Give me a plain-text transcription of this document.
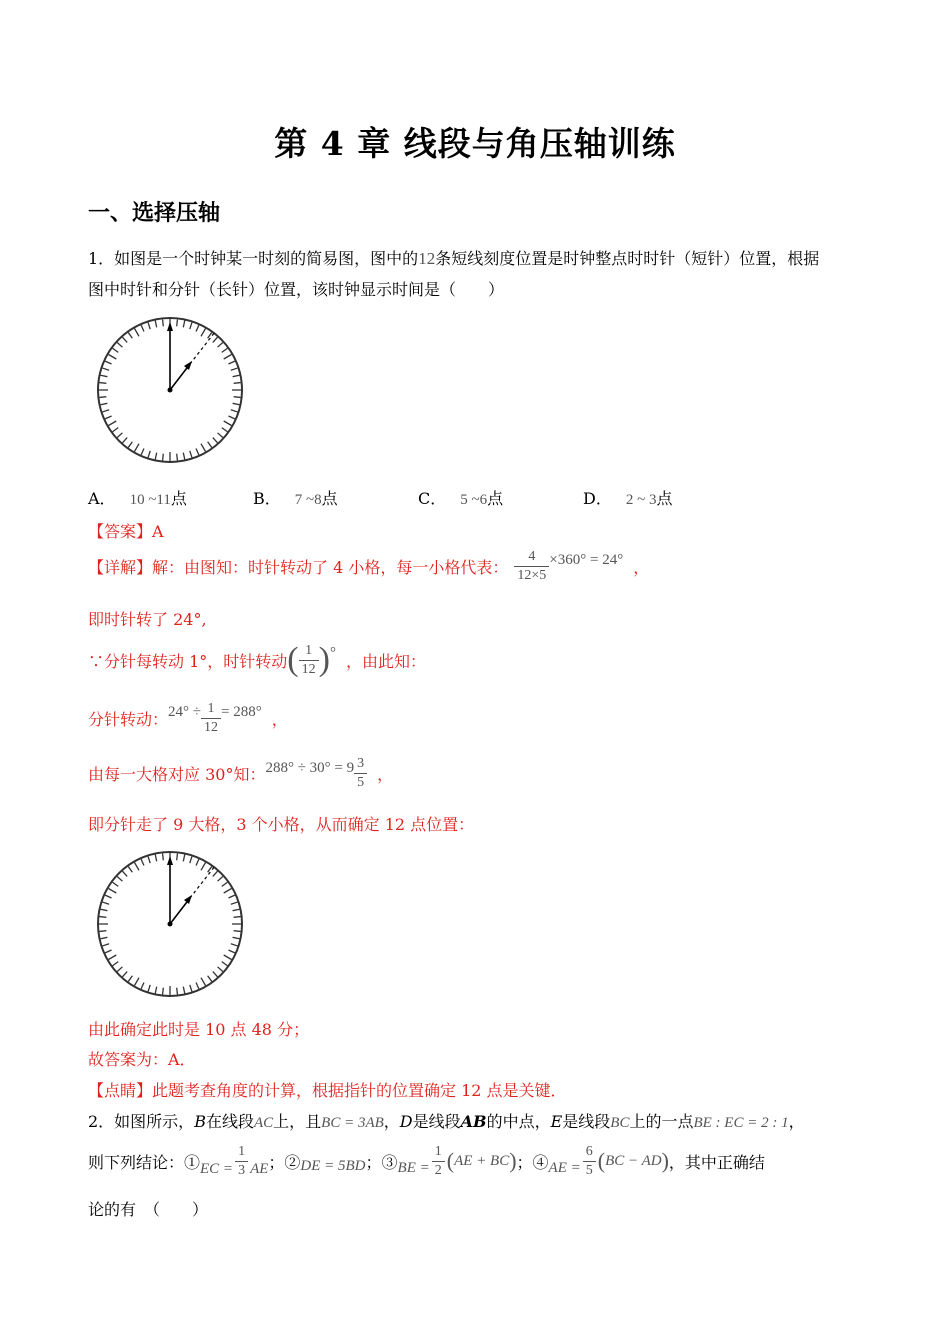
第 4 章 线段与角压轴训练
一、选择压轴
1．如图是一个时钟某一时刻的简易图，图中的12条短线刻度位置是时钟整点时时针（短针）位置，根据
图中时针和分针（长针）位置，该时钟显示时间是（　　）
A． 10 ~11点	B． 7 ~8点	C． 5 ~6点	D． 2 ~ 3点
【答案】A
【详解】 解：由图知：时针转动了 4 小格，每一小格代表： $\frac{4}{12\times 5} \times 360^\circ = 24^\circ$ ，
即时针转了 24°,
∵分针每转动 1°，时针转动 ( $\frac{1}{12}$ ) ° ，由此知：
分针转动： $24^\circ \div \frac{1}{12} = 288^\circ$ ，
由每一大格对应 30°知： $288^\circ \div 30^\circ = 9 \frac{3}{5}$ ，
即分针走了 9 大格，3 个小格，从而确定 12 点位置：
由此确定此时是 10 点 48 分；
故答案为：A．
【点睛】此题考查角度的计算，根据指针的位置确定 12 点是关键．
2．如图所示，B在线段AC上，且BC = 3AB，D是线段AB的中点，E是线段BC上的一点BE : EC = 2 : 1，
则下列结论：① EC = $\frac{1}{3}$ AE ；② DE = 5BD ；③ BE = $\frac{1}{2}$ ( AE + BC ) ；④ AE = $\frac{6}{5}$ ( BC − AD ) ，其中正确结
论的有　（　　）
